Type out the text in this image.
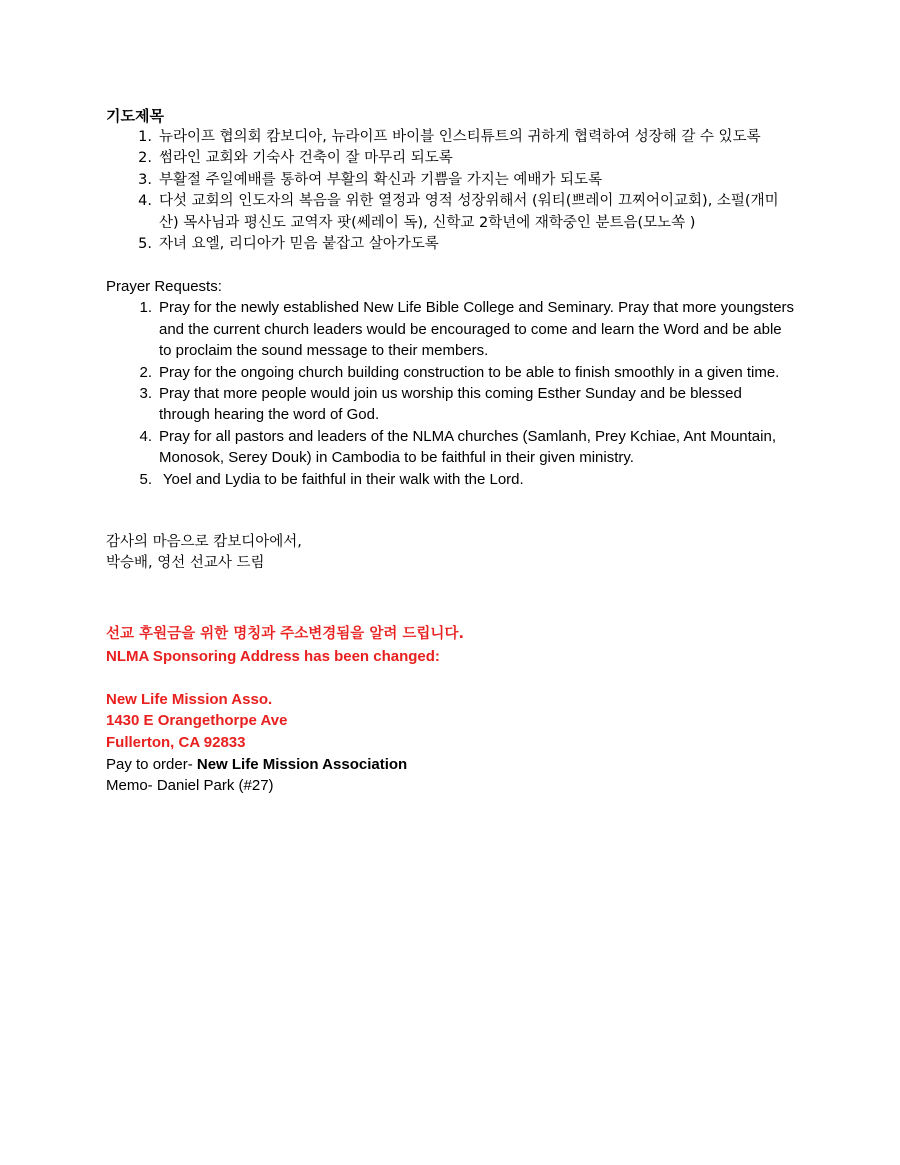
기도제목

1. 뉴라이프 협의회 캄보디아, 뉴라이프 바이블 인스티튜트의 귀하게 협력하여 성장해 갈 수 있도록
2. 썸라인 교회와 기숙사 건축이 잘 마무리 되도록
3. 부활절 주일예배를 통하여 부활의 확신과 기쁨을 가지는 예배가 되도록
4. 다섯 교회의 인도자의 복음을 위한 열정과 영적 성장위해서 (워티(쁘레이 끄찌어이교회), 소펄(개미산) 목사님과 평신도 교역자 팟(쎄레이 독), 신학교 2학년에 재학중인 분트음(모노쏙 )
5. 자녀 요엘, 리디아가 믿음 붙잡고 살아가도록

Prayer Requests:

1. Pray for the newly established New Life Bible College and Seminary. Pray that more youngsters and the current church leaders would be encouraged to come and learn the Word and be able to proclaim the sound message to their members.
2. Pray for the ongoing church building construction to be able to finish smoothly in a given time.
3. Pray that more people would join us worship this coming Esther Sunday and be blessed through hearing the word of God.
4. Pray for all pastors and leaders of the NLMA churches (Samlanh, Prey Kchiae, Ant Mountain, Monosok, Serey Douk) in Cambodia to be faithful in their given ministry.
5. Yoel and Lydia to be faithful in their walk with the Lord.

감사의 마음으로 캄보디아에서,

박승배, 영선 선교사 드림

선교 후원금을 위한 명칭과 주소변경됨을 알려 드립니다.

NLMA Sponsoring Address has been changed:

New Life Mission Asso.

1430 E Orangethorpe Ave

Fullerton, CA 92833

Pay to order- New Life Mission Association

Memo- Daniel Park (#27)
